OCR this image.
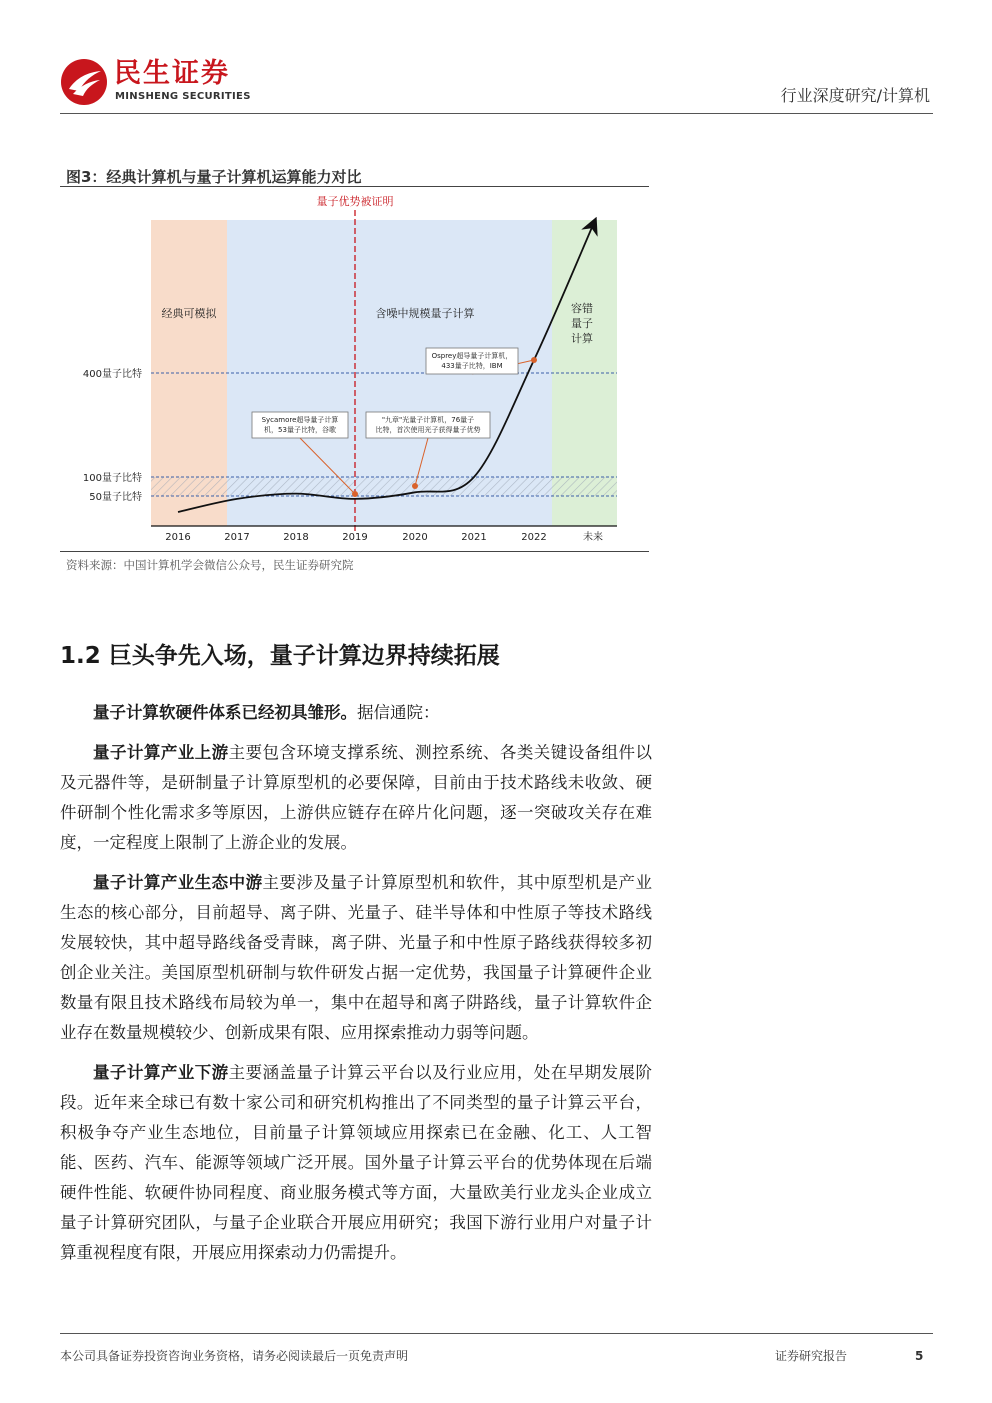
民生证券
MINSHENG SECURITIES	行业深度研究/计算机
图3：经典计算机与量子计算机运算能力对比
量子优势被证明
Sycamore超导量子计算
机，53量子比特，谷歌
"九章"光量子计算机，76量子
比特，首次使用光子获得量子优势
Osprey超导量子计算机，
433量子比特，IBM
2016	2017	2018	2019	2020	2021	2022	未来
400量子比特
100量子比特
50量子比特
经典可模拟	含噪中规模量子计算	容错
量子
计算
资料来源：中国计算机学会微信公众号，民生证券研究院
1.2 巨头争先入场，量子计算边界持续拓展
量子计算软硬件体系已经初具雏形。据信通院：
量子计算产业上游主要包含环境支撑系统、测控系统、各类关键设备组件以及元器件等，是研制量子计算原型机的必要保障，目前由于技术路线未收敛、硬件研制个性化需求多等原因，上游供应链存在碎片化问题，逐一突破攻关存在难度，一定程度上限制了上游企业的发展。
量子计算产业生态中游主要涉及量子计算原型机和软件，其中原型机是产业生态的核心部分，目前超导、离子阱、光量子、硅半导体和中性原子等技术路线发展较快，其中超导路线备受青睐，离子阱、光量子和中性原子路线获得较多初创企业关注。美国原型机研制与软件研发占据一定优势，我国量子计算硬件企业数量有限且技术路线布局较为单一，集中在超导和离子阱路线，量子计算软件企业存在数量规模较少、创新成果有限、应用探索推动力弱等问题。
量子计算产业下游主要涵盖量子计算云平台以及行业应用，处在早期发展阶段。近年来全球已有数十家公司和研究机构推出了不同类型的量子计算云平台，积极争夺产业生态地位，目前量子计算领域应用探索已在金融、化工、人工智能、医药、汽车、能源等领域广泛开展。国外量子计算云平台的优势体现在后端硬件性能、软硬件协同程度、商业服务模式等方面，大量欧美行业龙头企业成立量子计算研究团队，与量子企业联合开展应用研究；我国下游行业用户对量子计算重视程度有限，开展应用探索动力仍需提升。
本公司具备证券投资咨询业务资格，请务必阅读最后一页免责声明	证券研究报告	5
